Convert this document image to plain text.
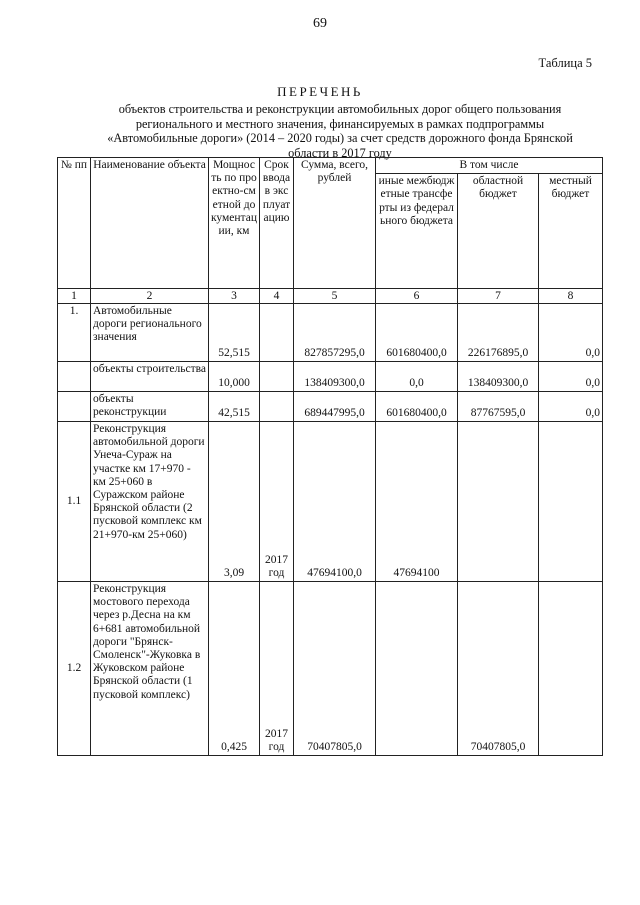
69
Таблица 5
ПЕРЕЧЕНЬ
объектов строительства и реконструкции автомобильных дорог общего пользования регионального и местного значения, финансируемых в рамках подпрограммы «Автомобильные дороги» (2014 – 2020 годы) за счет средств дорожного фонда Брянской области в 2017 году
№ пп	Наименование объекта	Мощность по проектно-сметной документации, км	Срок ввода в эксплуатацию	Сумма, всего, рублей	В том числе		
					иные межбюджетные трансферты из федерального бюджета	областной бюджет	местный бюджет
1	2	3	4	5	6	7	8
1.	Автомобильные дороги регионального значения	52,515		827857295,0	601680400,0	226176895,0	0,0
	объекты строительства	10,000		138409300,0	0,0	138409300,0	0,0
	объекты реконструкции	42,515		689447995,0	601680400,0	87767595,0	0,0
1.1	Реконструкция автомобильной дороги Унеча-Сураж на участке км 17+970 - км 25+060 в Суражском районе Брянской области (2 пусковой комплекс км 21+970-км 25+060)	3,09	2017 год	47694100,0	47694100		
1.2	Реконструкция мостового перехода через р.Десна на км 6+681 автомобильной дороги "Брянск-Смоленск"-Жуковка в Жуковском районе Брянской области (1 пусковой комплекс)	0,425	2017 год	70407805,0		70407805,0	
